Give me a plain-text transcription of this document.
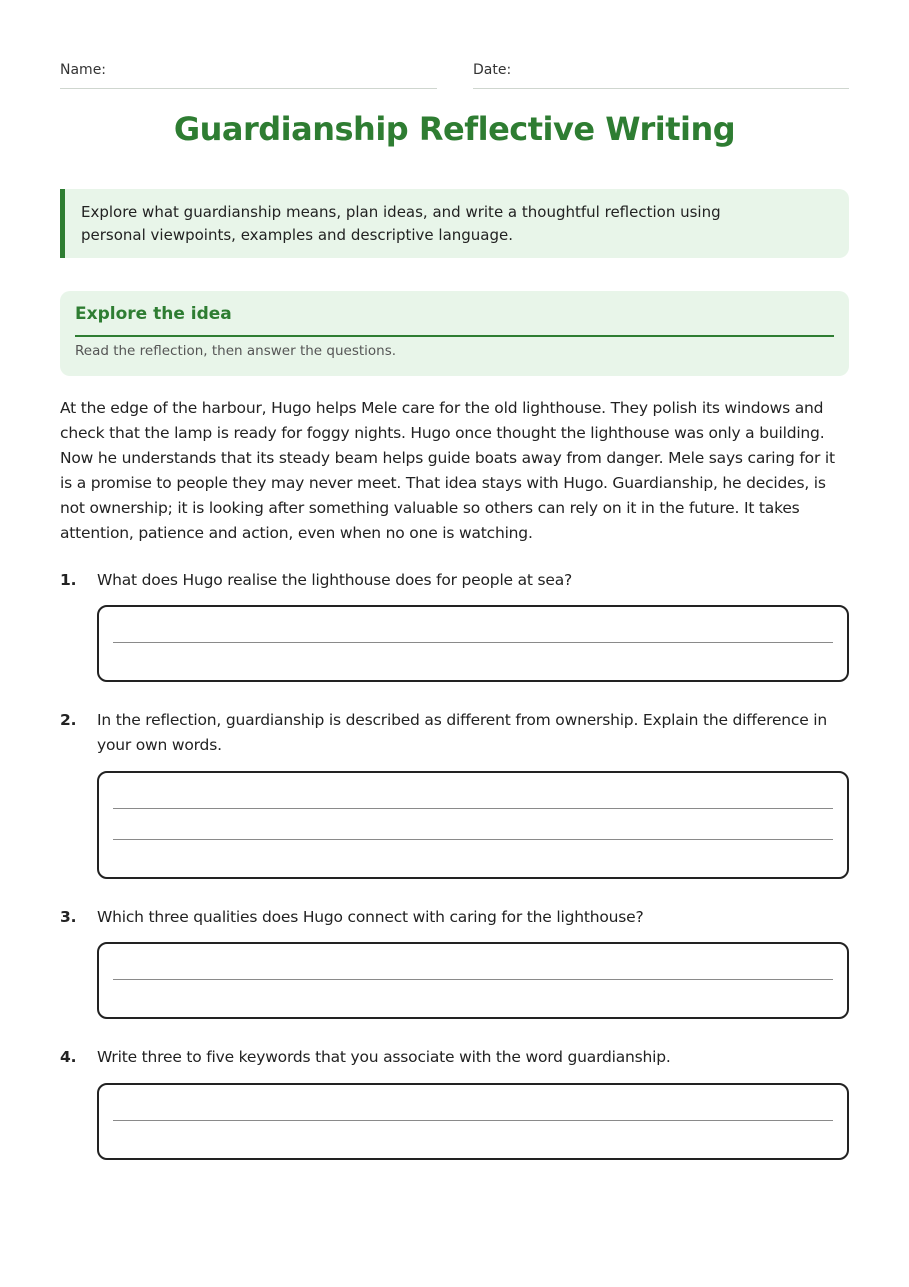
Name:	Date:
Guardianship Reflective Writing
Explore what guardianship means, plan ideas, and write a thoughtful reflection using personal viewpoints, examples and descriptive language.
Explore the idea
Read the reflection, then answer the questions.
At the edge of the harbour, Hugo helps Mele care for the old lighthouse. They polish its windows and check that the lamp is ready for foggy nights. Hugo once thought the lighthouse was only a building. Now he understands that its steady beam helps guide boats away from danger. Mele says caring for it is a promise to people they may never meet. That idea stays with Hugo. Guardianship, he decides, is not ownership; it is looking after something valuable so others can rely on it in the future. It takes attention, patience and action, even when no one is watching.
1. What does Hugo realise the lighthouse does for people at sea?
2. In the reflection, guardianship is described as different from ownership. Explain the difference in your own words.
3. Which three qualities does Hugo connect with caring for the lighthouse?
4. Write three to five keywords that you associate with the word guardianship.
